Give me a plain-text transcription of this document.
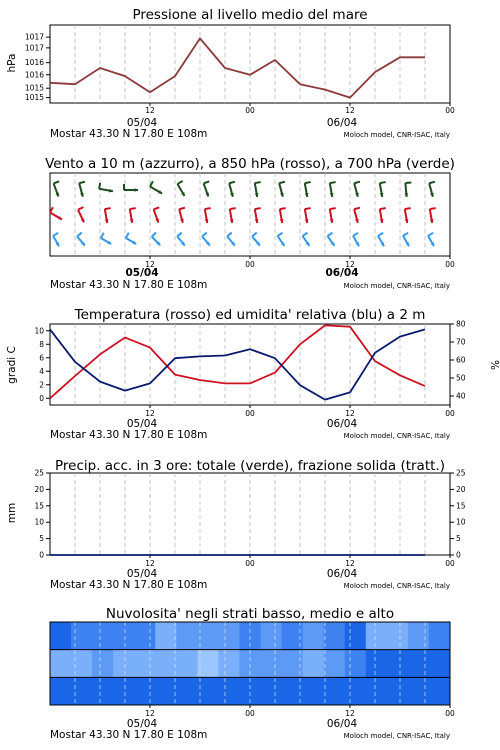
Pressione al livello medio del mare
Vento a 10 m (azzurro), a 850 hPa (rosso), a 700 hPa (verde)
Temperatura (rosso) ed umidita' relativa (blu) a 2 m
Precip. acc. in 3 ore: totale (verde), frazione solida (tratt.)
Nuvolosita' negli strati basso, medio e alto
hPa
gradi C	%
mm
1015
1015
1016
1016
1017
1017
0
2
4
6
8
10
40
50
60
70
80
0
5
10
15
20
25
0
5
10
15
20
25
12	00	12	00
05/04	06/04
Mostar 43.30 N 17.80 E 108m	Moloch model, CNR-ISAC, Italy
12	00	12	00
05/04	06/04
Mostar 43.30 N 17.80 E 108m	Moloch model, CNR-ISAC, Italy
12	00	12	00
05/04	06/04
Mostar 43.30 N 17.80 E 108m	Moloch model, CNR-ISAC, Italy
12	00	12	00
05/04	06/04
Mostar 43.30 N 17.80 E 108m	Moloch model, CNR-ISAC, Italy
12	00	12	00
05/04	06/04
Mostar 43.30 N 17.80 E 108m	Moloch model, CNR-ISAC, Italy
